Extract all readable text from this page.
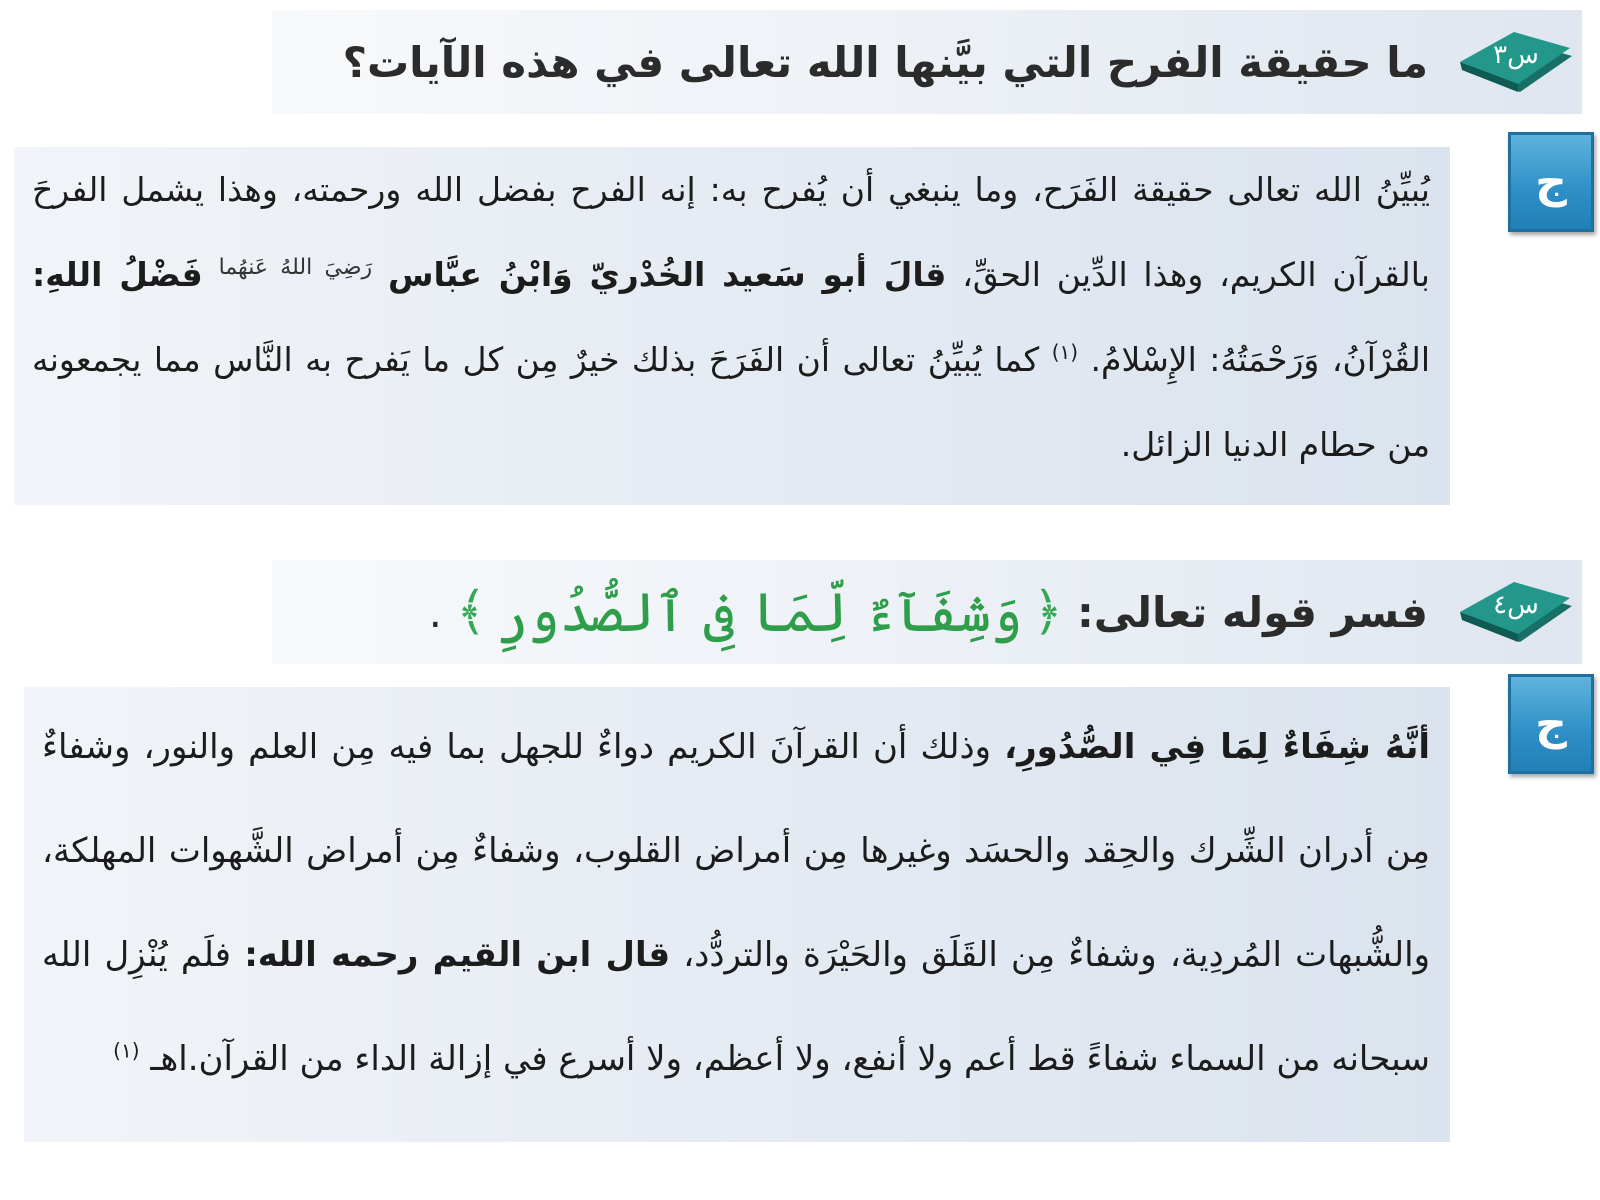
س٣
ما حقيقة الفرح التي بيَّنها الله تعالى في هذه الآيات؟
ج

يُبيِّنُ الله تعالى حقيقة الفَرَح، وما ينبغي أن يُفرح به: إنه الفرح بفضل الله ورحمته، وهذا يشمل الفرحَ بالقرآن الكريم، وهذا الدِّين الحقِّ، قالَ أبو سَعيد الخُدْريّ وَابْنُ عبَّاس $^{رَضِيَ اللهُ عَنهُما}$ فَضْلُ اللهِ: القُرْآنُ، وَرَحْمَتُهُ: الإِسْلامُ. $^{(١)}$ كما يُبيِّنُ تعالى أن الفَرَحَ بذلك خيرٌ مِن كل ما يَفرح به النَّاس مما يجمعونه من حطام الدنيا الزائل.

س٤
فسر قوله تعالى:
﴿
وَشِفَآءٌ لِّمَا فِى ٱلصُّدُورِ
﴾
.
ج

أنَّهُ شِفَاءٌ لِمَا فِي الصُّدُورِ، وذلك أن القرآنَ الكريم دواءٌ للجهل بما فيه مِن العلم والنور، وشفاءٌ مِن أدران الشِّرك والحِقد والحسَد وغيرها مِن أمراض القلوب، وشفاءٌ مِن أمراض الشَّهوات المهلكة، والشُّبهات المُردِية، وشفاءٌ مِن القَلَق والحَيْرَة والتردُّد، قال ابن القيم رحمه الله: فلَم يُنْزِل الله سبحانه من السماء شفاءً قط أعم ولا أنفع، ولا أعظم، ولا أسرع في إزالة الداء من القرآن.اهـ $^{(١)}$
